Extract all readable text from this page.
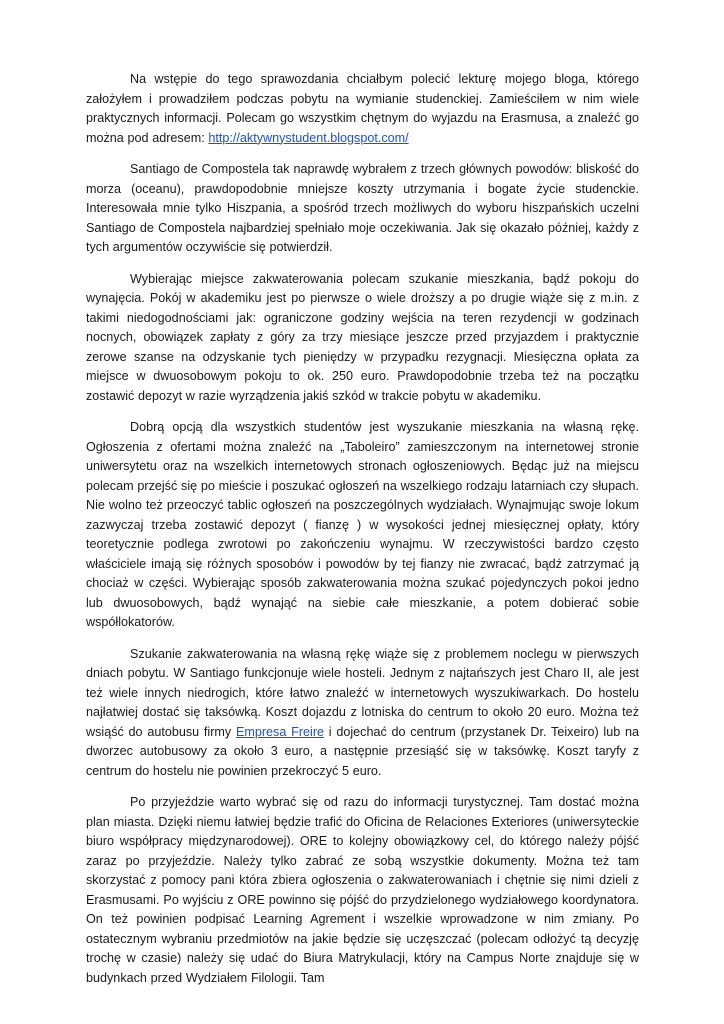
Na wstępie do tego sprawozdania chciałbym polecić lekturę mojego bloga, którego założyłem i prowadziłem podczas pobytu na wymianie studenckiej. Zamieściłem w nim wiele praktycznych informacji. Polecam go wszystkim chętnym do wyjazdu na Erasmusa, a znaleźć go można pod adresem: http://aktywnystudent.blogspot.com/

Santiago de Compostela tak naprawdę wybrałem z trzech głównych powodów: bliskość do morza (oceanu), prawdopodobnie mniejsze koszty utrzymania i bogate życie studenckie. Interesowała mnie tylko Hiszpania, a spośród trzech możliwych do wyboru hiszpańskich uczelni Santiago de Compostela najbardziej spełniało moje oczekiwania. Jak się okazało później, każdy z tych argumentów oczywiście się potwierdził.

Wybierając miejsce zakwaterowania polecam szukanie mieszkania, bądź pokoju do wynajęcia. Pokój w akademiku jest po pierwsze o wiele droższy a po drugie wiąże się z m.in. z takimi niedogodnościami jak: ograniczone godziny wejścia na teren rezydencji w godzinach nocnych, obowiązek zapłaty z góry za trzy miesiące jeszcze przed przyjazdem i praktycznie zerowe szanse na odzyskanie tych pieniędzy w przypadku rezygnacji. Miesięczna opłata za miejsce w dwuosobowym pokoju to ok. 250 euro. Prawdopodobnie trzeba też na początku zostawić depozyt w razie wyrządzenia jakiś szkód w trakcie pobytu w akademiku.

Dobrą opcją dla wszystkich studentów jest wyszukanie mieszkania na własną rękę. Ogłoszenia z ofertami można znaleźć na „Taboleiro” zamieszczonym na internetowej stronie uniwersytetu oraz na wszelkich internetowych stronach ogłoszeniowych. Będąc już na miejscu polecam przejść się po mieście i poszukać ogłoszeń na wszelkiego rodzaju latarniach czy słupach. Nie wolno też przeoczyć tablic ogłoszeń na poszczególnych wydziałach. Wynajmując swoje lokum zazwyczaj trzeba zostawić depozyt ( fianzę ) w wysokości jednej miesięcznej opłaty, który teoretycznie podlega zwrotowi po zakończeniu wynajmu. W rzeczywistości bardzo często właściciele imają się różnych sposobów i powodów by tej fianzy nie zwracać, bądź zatrzymać ją chociaż w części. Wybierając sposób zakwaterowania można szukać pojedynczych pokoi jedno lub dwuosobowych, bądź wynająć na siebie całe mieszkanie, a potem dobierać sobie współlokatorów.

Szukanie zakwaterowania na własną rękę wiąże się z problemem noclegu w pierwszych dniach pobytu. W Santiago funkcjonuje wiele hosteli. Jednym z najtańszych jest Charo II, ale jest też wiele innych niedrogich, które łatwo znaleźć w internetowych wyszukiwarkach. Do hostelu najłatwiej dostać się taksówką. Koszt dojazdu z lotniska do centrum to około 20 euro. Można też wsiąść do autobusu firmy Empresa Freire i dojechać do centrum (przystanek Dr. Teixeiro) lub na dworzec autobusowy za około 3 euro, a następnie przesiąść się w taksówkę. Koszt taryfy z centrum do hostelu nie powinien przekroczyć 5 euro.

Po przyjeździe warto wybrać się od razu do informacji turystycznej. Tam dostać można plan miasta. Dzięki niemu łatwiej będzie trafić do Oficina de Relaciones Exteriores (uniwersyteckie biuro współpracy międzynarodowej). ORE to kolejny obowiązkowy cel, do którego należy pójść zaraz po przyjeździe. Należy tylko zabrać ze sobą wszystkie dokumenty. Można też tam skorzystać z pomocy pani która zbiera ogłoszenia o zakwaterowaniach i chętnie się nimi dzieli z Erasmusami. Po wyjściu z ORE powinno się pójść do przydzielonego wydziałowego koordynatora. On też powinien podpisać Learning Agrement i wszelkie wprowadzone w nim zmiany. Po ostatecznym wybraniu przedmiotów na jakie będzie się uczęszczać (polecam odłożyć tą decyzję trochę w czasie) należy się udać do Biura Matrykulacji, który na Campus Norte znajduje się w budynkach przed Wydziałem Filologii. Tam
